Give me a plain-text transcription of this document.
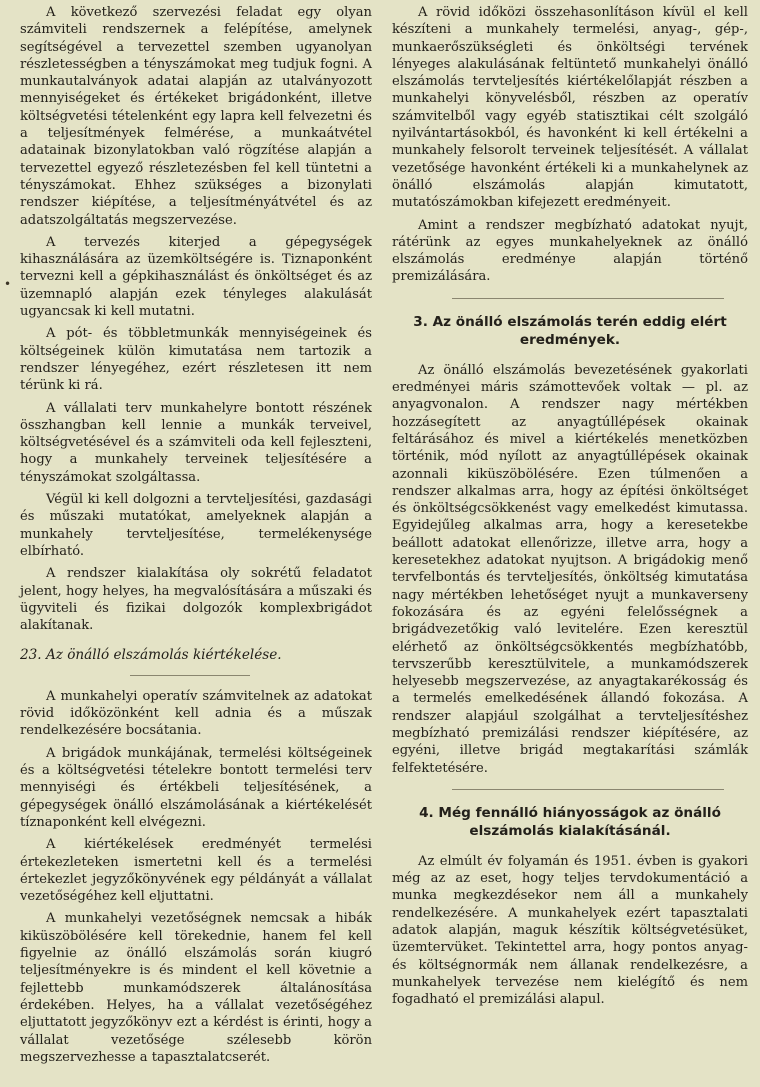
•

A következő szervezési feladat egy olyan számviteli rendszernek a felépítése, amelynek segítségével a tervezettel szemben ugyanolyan részletességben a tényszámokat meg tudjuk fogni. A munkautalványok adatai alapján az utalványozott mennyiségeket és értékeket brigádonként, illetve költségvetési tételenként egy lapra kell felvezetni és a teljesítmények felmérése, a munkaátvétel adatainak bizonylatokban való rögzítése alapján a tervezettel egyező részletezésben fel kell tüntetni a tényszámokat. Ehhez szükséges a bizonylati rendszer kiépítése, a teljesítményátvétel és az adatszolgáltatás megszervezése.

A tervezés kiterjed a gépegységek kihasználására az üzemköltségére is. Tiznaponként tervezni kell a gépkihasználást és önköltséget és az üzemnapló alapján ezek tényleges alakulását ugyancsak ki kell mutatni.

A pót- és többletmunkák mennyiségeinek és költségeinek külön kimutatása nem tartozik a rendszer lényegéhez, ezért részletesen itt nem térünk ki rá.

A vállalati terv munkahelyre bontott részének összhangban kell lennie a munkák terveivel, költségvetésével és a számviteli oda kell fejleszteni, hogy a munkahely terveinek teljesítésére a tényszámokat szolgáltassa.

Végül ki kell dolgozni a tervteljesítési, gazdasági és műszaki mutatókat, amelyeknek alapján a munkahely tervteljesítése, termelékenysége elbírható.

A rendszer kialakítása oly sokrétű feladatot jelent, hogy helyes, ha megvalósítására a műszaki és ügyviteli és fizikai dolgozók komplexbrigádot alakítanak.

23. Az önálló elszámolás kiértékelése.

A munkahelyi operatív számvitelnek az adatokat rövid időközönként kell adnia és a műszak rendelkezésére bocsátania.

A brigádok munkájának, termelési költségeinek és a költségvetési tételekre bontott termelési terv mennyiségi és értékbeli teljesítésének, a gépegységek önálló elszámolásának a kiértékelését tíznaponként kell elvégezni.

A kiértékelések eredményét termelési értekezleteken ismertetni kell és a termelési értekezlet jegyzőkönyvének egy példányát a vállalat vezetőségéhez kell eljuttatni.

A munkahelyi vezetőségnek nemcsak a hibák kiküszöbölésére kell törekednie, hanem fel kell figyelnie az önálló elszámolás során kiugró teljesítményekre is és mindent el kell követnie a fejlettebb munkamódszerek általánosítása érdekében. Helyes, ha a vállalat vezetőségéhez eljuttatott jegyzőkönyv ezt a kérdést is érinti, hogy a vállalat vezetősége szélesebb körön megszervezhesse a tapasztalatcserét.

A rövid időközi összehasonlításon kívül el kell készíteni a munkahely termelési, anyag-, gép-, munkaerőszükségleti és önköltségi tervének lényeges alakulásának feltüntető munkahelyi önálló elszámolás tervteljesítés kiértékelőlapját részben a munkahelyi könyvelésből, részben az operatív számvitelből vagy egyéb statisztikai célt szolgáló nyilvántartásokból, és havonként ki kell értékelni a munkahely felsorolt terveinek teljesítését. A vállalat vezetősége havonként értékeli ki a munkahelynek az önálló elszámolás alapján kimutatott, mutatószámokban kifejezett eredményeit.

Amint a rendszer megbízható adatokat nyujt, rátérünk az egyes munkahelyeknek az önálló elszámolás eredménye alapján történő premizálására.

3. Az önálló elszámolás terén eddig elért eredmények.

Az önálló elszámolás bevezetésének gyakorlati eredményei máris számottevőek voltak — pl. az anyagvonalon. A rendszer nagy mértékben hozzásegített az anyagtúllépések okainak feltárásához és mivel a kiértékelés menetközben történik, mód nyílott az anyagtúllépések okainak azonnali kiküszöbölésére. Ezen túlmenően a rendszer alkalmas arra, hogy az építési önköltséget és önköltségcsökkenést vagy emelkedést kimutassa. Egyidejűleg alkalmas arra, hogy a keresetekbe beállott adatokat ellenőrizze, illetve arra, hogy a keresetekhez adatokat nyujtson. A brigádokig menő tervfelbontás és tervteljesítés, önköltség kimutatása nagy mértékben lehetőséget nyujt a munkaverseny fokozására és az egyéni felelősségnek a brigádvezetőkig való levitelére. Ezen keresztül elérhető az önköltségcsökkentés megbízhatóbb, tervszerűbb keresztülvitele, a munkamódszerek helyesebb megszervezése, az anyagtakarékosság és a termelés emelkedésének állandó fokozása. A rendszer alapjául szolgálhat a tervteljesítéshez megbízható premizálási rendszer kiépítésére, az egyéni, illetve brigád megtakarítási számlák felfektetésére.

4. Még fennálló hiányosságok az önálló elszámolás kialakításánál.

Az elmúlt év folyamán és 1951. évben is gyakori még az az eset, hogy teljes tervdokumentáció a munka megkezdésekor nem áll a munkahely rendelkezésére. A munkahelyek ezért tapasztalati adatok alapján, maguk készítik költségvetésüket, üzemtervüket. Tekintettel arra, hogy pontos anyag- és költségnormák nem állanak rendelkezésre, a munkahelyek tervezése nem kielégítő és nem fogadható el premizálási alapul.
